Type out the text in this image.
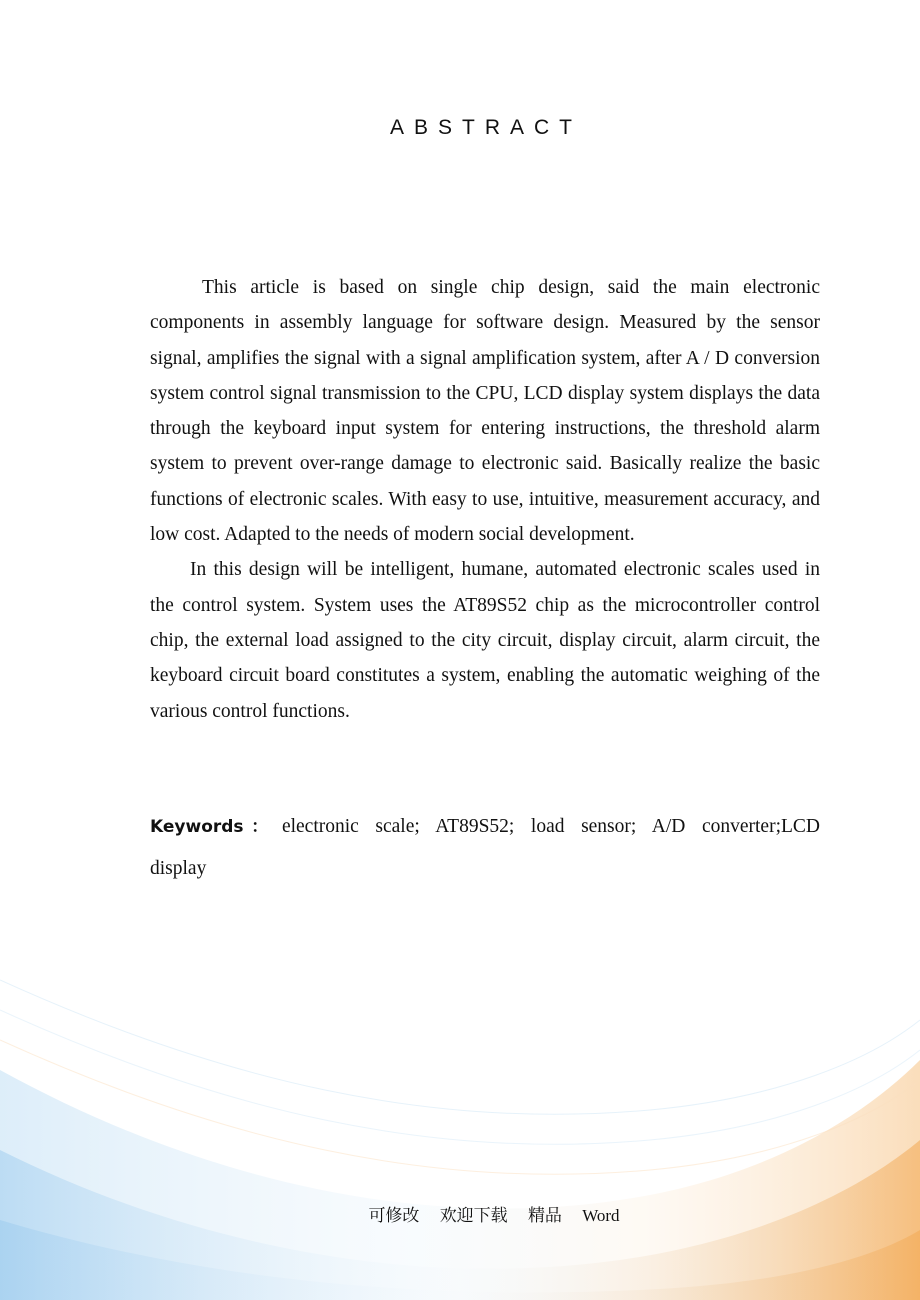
ABSTRACT

This article is based on single chip design, said the main electronic components in assembly language for software design. Measured by the sensor signal, amplifies the signal with a signal amplification system, after A / D conversion system control signal transmission to the CPU, LCD display system displays the data through the keyboard input system for entering instructions, the threshold alarm system to prevent over-range damage to electronic said. Basically realize the basic functions of electronic scales. With easy to use, intuitive, measurement accuracy, and low cost. Adapted to the needs of modern social development.

In this design will be intelligent, humane, automated electronic scales used in the control system. System uses the AT89S52 chip as the microcontroller control chip, the external load assigned to the city circuit, display circuit, alarm circuit, the keyboard circuit board constitutes a system, enabling the automatic weighing of the various control functions.

Keywords： electronic scale; AT89S52; load sensor; A/D converter;LCD display
可修改 欢迎下载 精品 Word
